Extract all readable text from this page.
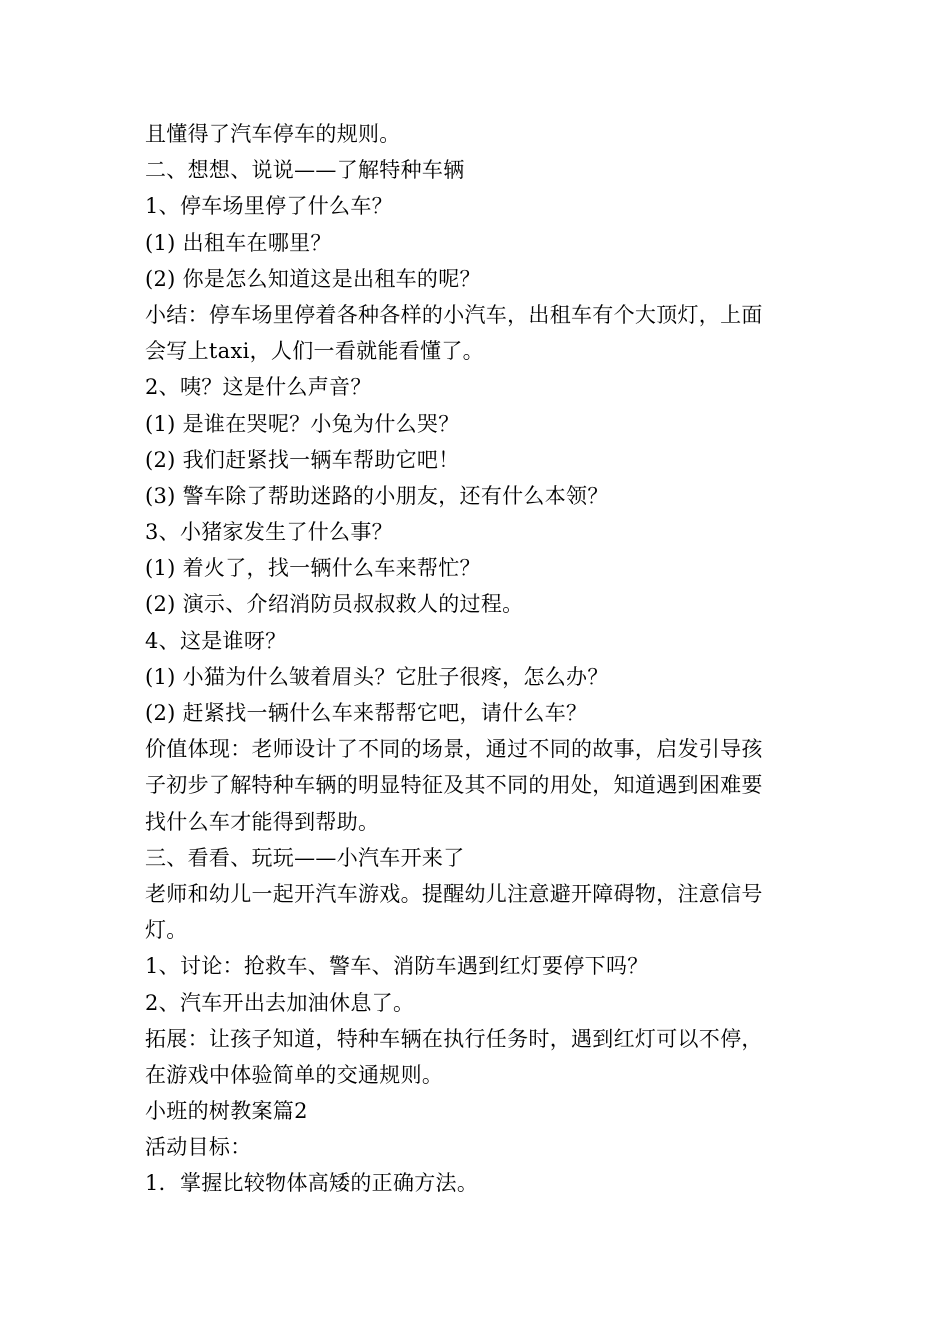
且懂得了汽车停车的规则。
二、想想、说说——了解特种车辆
1、停车场里停了什么车？
(1) 出租车在哪里？
(2) 你是怎么知道这是出租车的呢？
小结：停车场里停着各种各样的小汽车，出租车有个大顶灯，上面
会写上taxi，人们一看就能看懂了。
2、咦？这是什么声音？
(1) 是谁在哭呢？小兔为什么哭？
(2) 我们赶紧找一辆车帮助它吧！
(3) 警车除了帮助迷路的小朋友，还有什么本领？
3、小猪家发生了什么事？
(1) 着火了，找一辆什么车来帮忙？
(2) 演示、介绍消防员叔叔救人的过程。
4、这是谁呀？
(1) 小猫为什么皱着眉头？它肚子很疼，怎么办？
(2) 赶紧找一辆什么车来帮帮它吧，请什么车？
价值体现：老师设计了不同的场景，通过不同的故事，启发引导孩
子初步了解特种车辆的明显特征及其不同的用处，知道遇到困难要
找什么车才能得到帮助。
三、看看、玩玩——小汽车开来了
老师和幼儿一起开汽车游戏。提醒幼儿注意避开障碍物，注意信号
灯。
1、讨论：抢救车、警车、消防车遇到红灯要停下吗？
2、汽车开出去加油休息了。
拓展：让孩子知道，特种车辆在执行任务时，遇到红灯可以不停，
在游戏中体验简单的交通规则。
小班的树教案篇2
活动目标：
1．掌握比较物体高矮的正确方法。
